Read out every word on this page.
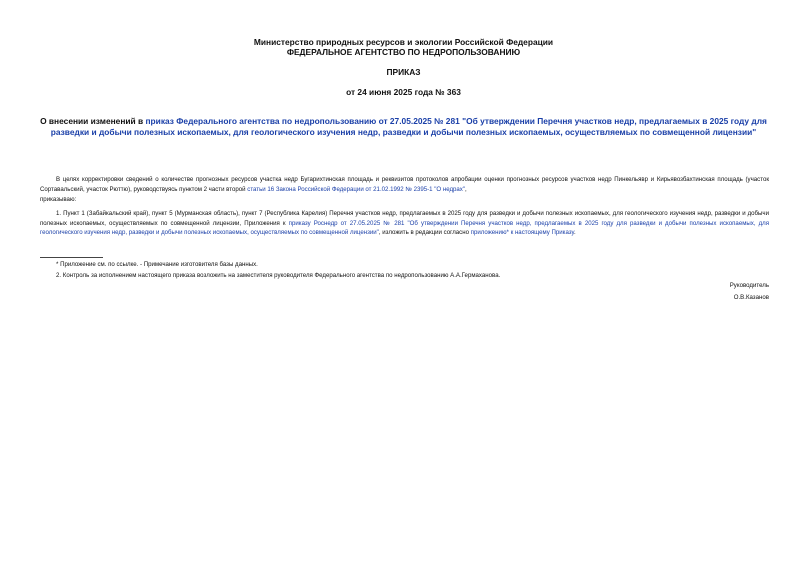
Министерство природных ресурсов и экологии Российской Федерации
ФЕДЕРАЛЬНОЕ АГЕНТСТВО ПО НЕДРОПОЛЬЗОВАНИЮ
ПРИКАЗ
от 24 июня 2025 года № 363
О внесении изменений в приказ Федерального агентства по недропользованию от 27.05.2025 № 281 "Об утверждении Перечня участков недр, предлагаемых в 2025 году для разведки и добычи полезных ископаемых, для геологического изучения недр, разведки и добычи полезных ископаемых, осуществляемых по совмещенной лицензии"
В целях корректировки сведений о количестве прогнозных ресурсов участка недр Бугарихтинская площадь и реквизитов протоколов апробации оценки прогнозных ресурсов участков недр Пинкельявр и Кирьявозбахтинская площадь (участок Сортавальский, участок Рюттю), руководствуясь пунктом 2 части второй статьи 16 Закона Российской Федерации от 21.02.1992 № 2395-1 "О недрах",
приказываю:
1. Пункт 1 (Забайкальский край), пункт 5 (Мурманская область), пункт 7 (Республика Карелия) Перечня участков недр, предлагаемых в 2025 году для разведки и добычи полезных ископаемых, для геологического изучения недр, разведки и добычи полезных ископаемых, осуществляемых по совмещенной лицензии, Приложения к приказу Роснедр от 27.05.2025 № 281 "Об утверждении Перечня участков недр, предлагаемых в 2025 году для разведки и добычи полезных ископаемых, для геологического изучения недр, разведки и добычи полезных ископаемых, осуществляемых по совмещенной лицензии", изложить в редакции согласно приложению* к настоящему Приказу.
* Приложение см. по ссылке. - Примечание изготовителя базы данных.
2. Контроль за исполнением настоящего приказа возложить на заместителя руководителя Федерального агентства по недропользованию А.А.Гермаханова.
Руководитель
О.В.Казанов
